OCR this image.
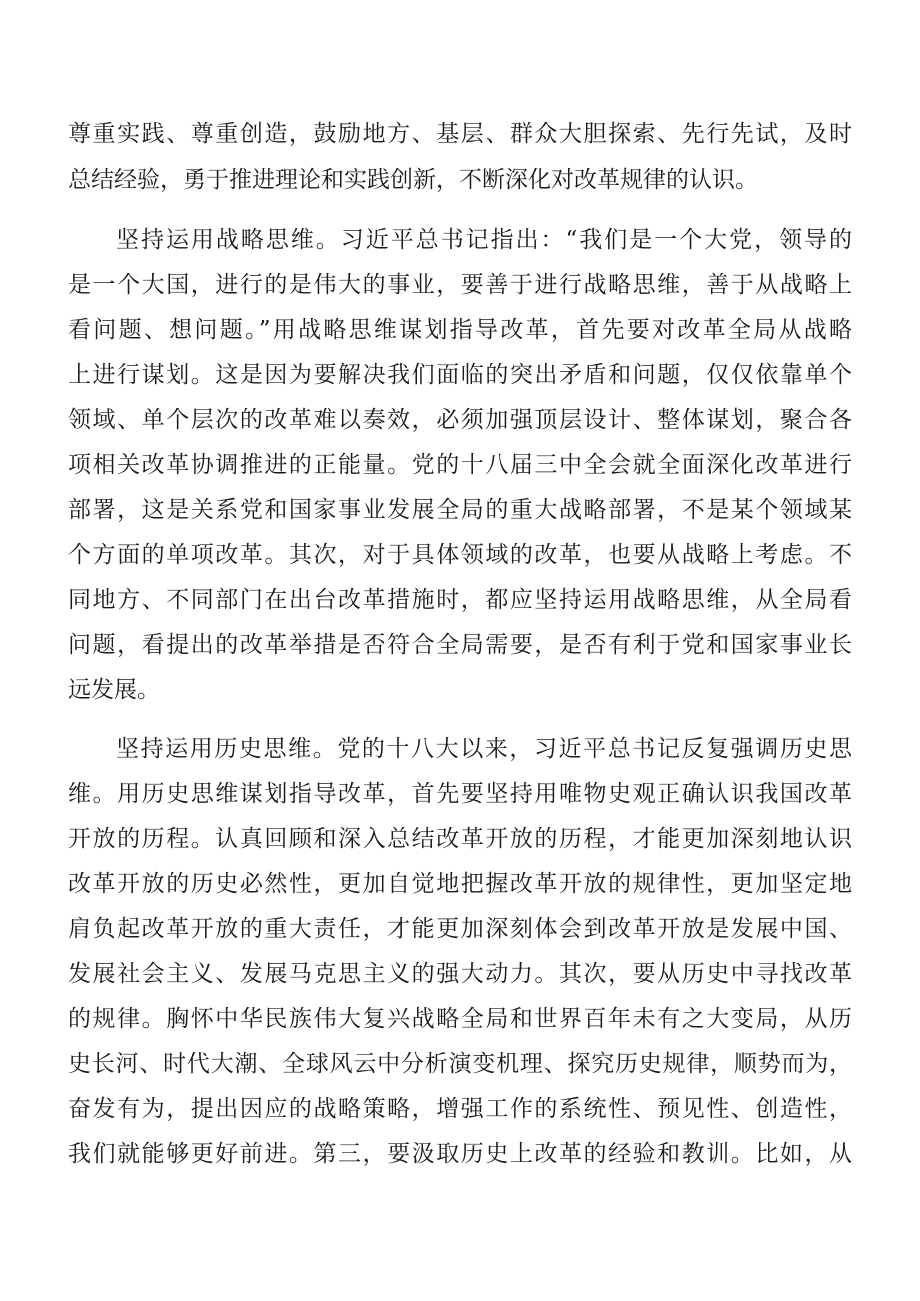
尊重实践、尊重创造，鼓励地方、基层、群众大胆探索、先行先试，及时
总结经验，勇于推进理论和实践创新，不断深化对改革规律的认识。
坚持运用战略思维。习近平总书记指出：“我们是一个大党，领导的
是一个大国，进行的是伟大的事业，要善于进行战略思维，善于从战略上
看问题、想问题。”用战略思维谋划指导改革，首先要对改革全局从战略
上进行谋划。这是因为要解决我们面临的突出矛盾和问题，仅仅依靠单个
领域、单个层次的改革难以奏效，必须加强顶层设计、整体谋划，聚合各
项相关改革协调推进的正能量。党的十八届三中全会就全面深化改革进行
部署，这是关系党和国家事业发展全局的重大战略部署，不是某个领域某
个方面的单项改革。其次，对于具体领域的改革，也要从战略上考虑。不
同地方、不同部门在出台改革措施时，都应坚持运用战略思维，从全局看
问题，看提出的改革举措是否符合全局需要，是否有利于党和国家事业长
远发展。
坚持运用历史思维。党的十八大以来，习近平总书记反复强调历史思
维。用历史思维谋划指导改革，首先要坚持用唯物史观正确认识我国改革
开放的历程。认真回顾和深入总结改革开放的历程，才能更加深刻地认识
改革开放的历史必然性，更加自觉地把握改革开放的规律性，更加坚定地
肩负起改革开放的重大责任，才能更加深刻体会到改革开放是发展中国、
发展社会主义、发展马克思主义的强大动力。其次，要从历史中寻找改革
的规律。胸怀中华民族伟大复兴战略全局和世界百年未有之大变局，从历
史长河、时代大潮、全球风云中分析演变机理、探究历史规律，顺势而为，
奋发有为，提出因应的战略策略，增强工作的系统性、预见性、创造性，
我们就能够更好前进。第三，要汲取历史上改革的经验和教训。比如，从
